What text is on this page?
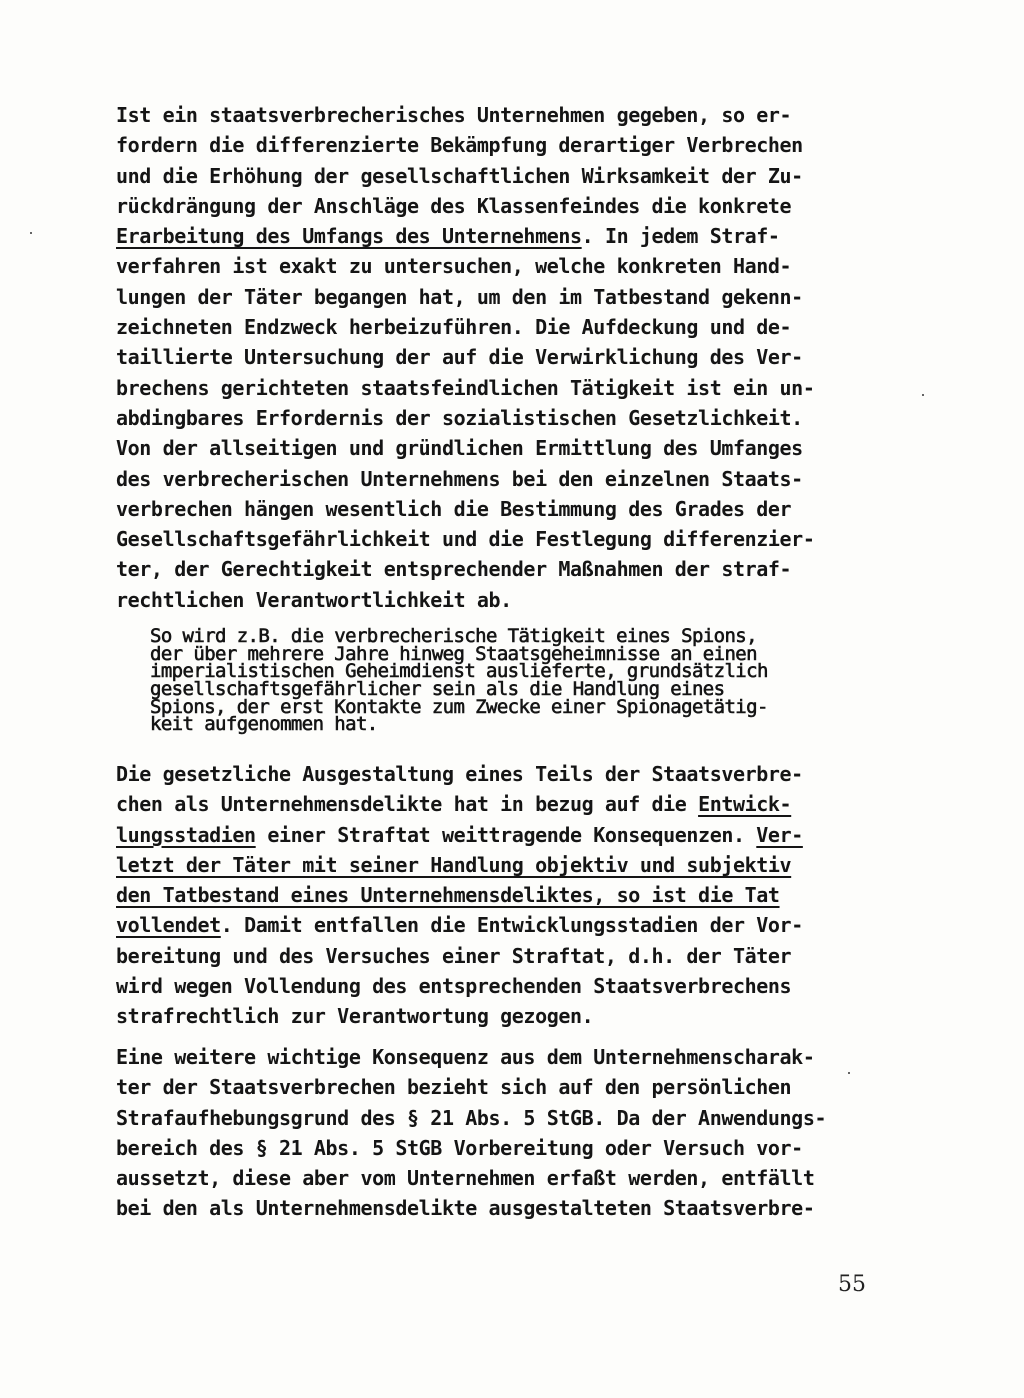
Ist ein staatsverbrecherisches Unternehmen gegeben, so er-
fordern die differenzierte Bekämpfung derartiger Verbrechen
und die Erhöhung der gesellschaftlichen Wirksamkeit der Zu-
rückdrängung der Anschläge des Klassenfeindes die konkrete
Erarbeitung des Umfangs des Unternehmens. In jedem Straf-
verfahren ist exakt zu untersuchen, welche konkreten Hand-
lungen der Täter begangen hat, um den im Tatbestand gekenn-
zeichneten Endzweck herbeizuführen. Die Aufdeckung und de-
taillierte Untersuchung der auf die Verwirklichung des Ver-
brechens gerichteten staatsfeindlichen Tätigkeit ist ein un-
abdingbares Erfordernis der sozialistischen Gesetzlichkeit.
Von der allseitigen und gründlichen Ermittlung des Umfanges
des verbrecherischen Unternehmens bei den einzelnen Staats-
verbrechen hängen wesentlich die Bestimmung des Grades der
Gesellschaftsgefährlichkeit und die Festlegung differenzier-
ter, der Gerechtigkeit entsprechender Maßnahmen der straf-
rechtlichen Verantwortlichkeit ab.
So wird z.B. die verbrecherische Tätigkeit eines Spions,
der über mehrere Jahre hinweg Staatsgeheimnisse an einen
imperialistischen Geheimdienst auslieferte, grundsätzlich
gesellschaftsgefährlicher sein als die Handlung eines
Spions, der erst Kontakte zum Zwecke einer Spionagetätig-
keit aufgenommen hat.
Die gesetzliche Ausgestaltung eines Teils der Staatsverbre-
chen als Unternehmensdelikte hat in bezug auf die Entwick-
lungsstadien einer Straftat weittragende Konsequenzen. Ver-
letzt der Täter mit seiner Handlung objektiv und subjektiv
den Tatbestand eines Unternehmensdeliktes, so ist die Tat
vollendet. Damit entfallen die Entwicklungsstadien der Vor-
bereitung und des Versuches einer Straftat, d.h. der Täter
wird wegen Vollendung des entsprechenden Staatsverbrechens
strafrechtlich zur Verantwortung gezogen.
Eine weitere wichtige Konsequenz aus dem Unternehmenscharak-
ter der Staatsverbrechen bezieht sich auf den persönlichen
Strafaufhebungsgrund des § 21 Abs. 5 StGB. Da der Anwendungs-
bereich des § 21 Abs. 5 StGB Vorbereitung oder Versuch vor-
aussetzt, diese aber vom Unternehmen erfaßt werden, entfällt
bei den als Unternehmensdelikte ausgestalteten Staatsverbre-
55
